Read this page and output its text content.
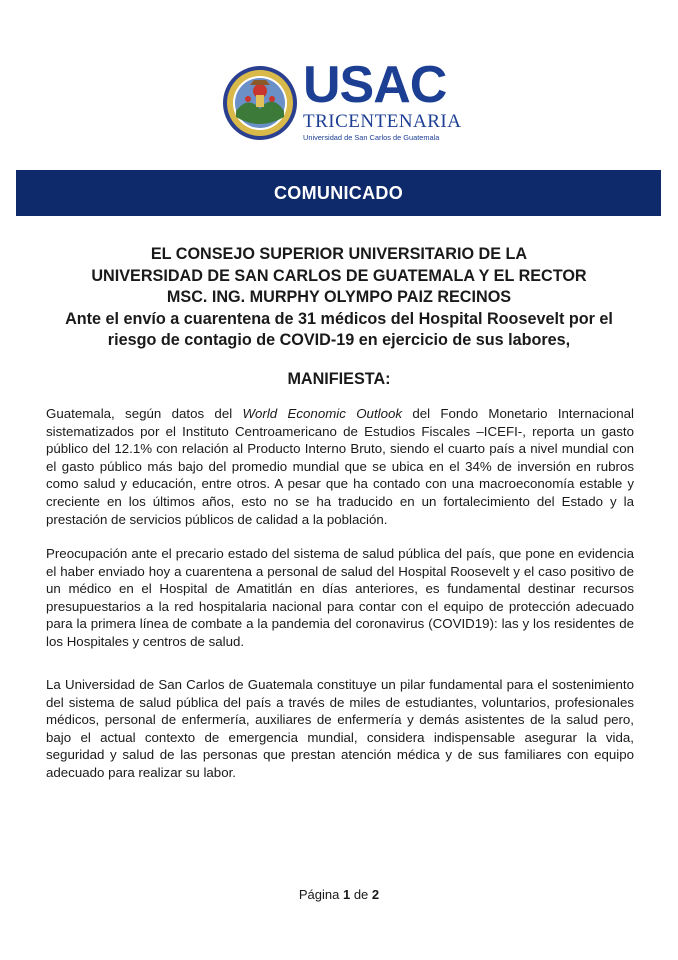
USAC
TRICENTENARIA
Universidad de San Carlos de Guatemala
COMUNICADO
EL CONSEJO SUPERIOR UNIVERSITARIO DE LA
UNIVERSIDAD DE SAN CARLOS DE GUATEMALA Y EL RECTOR
MSC. ING. MURPHY OLYMPO PAIZ RECINOS
Ante el envío a cuarentena de 31 médicos del Hospital Roosevelt por el
riesgo de contagio de COVID-19 en ejercicio de sus labores,
MANIFIESTA:
Guatemala, según datos del World Economic Outlook del Fondo Monetario Internacional sistematizados por el Instituto Centroamericano de Estudios Fiscales –ICEFI-, reporta un gasto público del 12.1% con relación al Producto Interno Bruto, siendo el cuarto país a nivel mundial con el gasto público más bajo del promedio mundial que se ubica en el 34% de inversión en rubros como salud y educación, entre otros. A pesar que ha contado con una macroeconomía estable y creciente en los últimos años, esto no se ha traducido en un fortalecimiento del Estado y la prestación de servicios públicos de calidad a la población.
Preocupación ante el precario estado del sistema de salud pública del país, que pone en evidencia el haber enviado hoy a cuarentena a personal de salud del Hospital Roosevelt y el caso positivo de un médico en el Hospital de Amatitlán en días anteriores, es fundamental destinar recursos presupuestarios a la red hospitalaria nacional para contar con el equipo de protección adecuado para la primera línea de combate a la pandemia del coronavirus (COVID19): las y los residentes de los Hospitales y centros de salud.
La Universidad de San Carlos de Guatemala constituye un pilar fundamental para el sostenimiento del sistema de salud pública del país a través de miles de estudiantes, voluntarios, profesionales médicos, personal de enfermería, auxiliares de enfermería y demás asistentes de la salud pero, bajo el actual contexto de emergencia mundial, considera indispensable asegurar la vida, seguridad y salud de las personas que prestan atención médica y de sus familiares con equipo adecuado para realizar su labor.
Página 1 de 2
